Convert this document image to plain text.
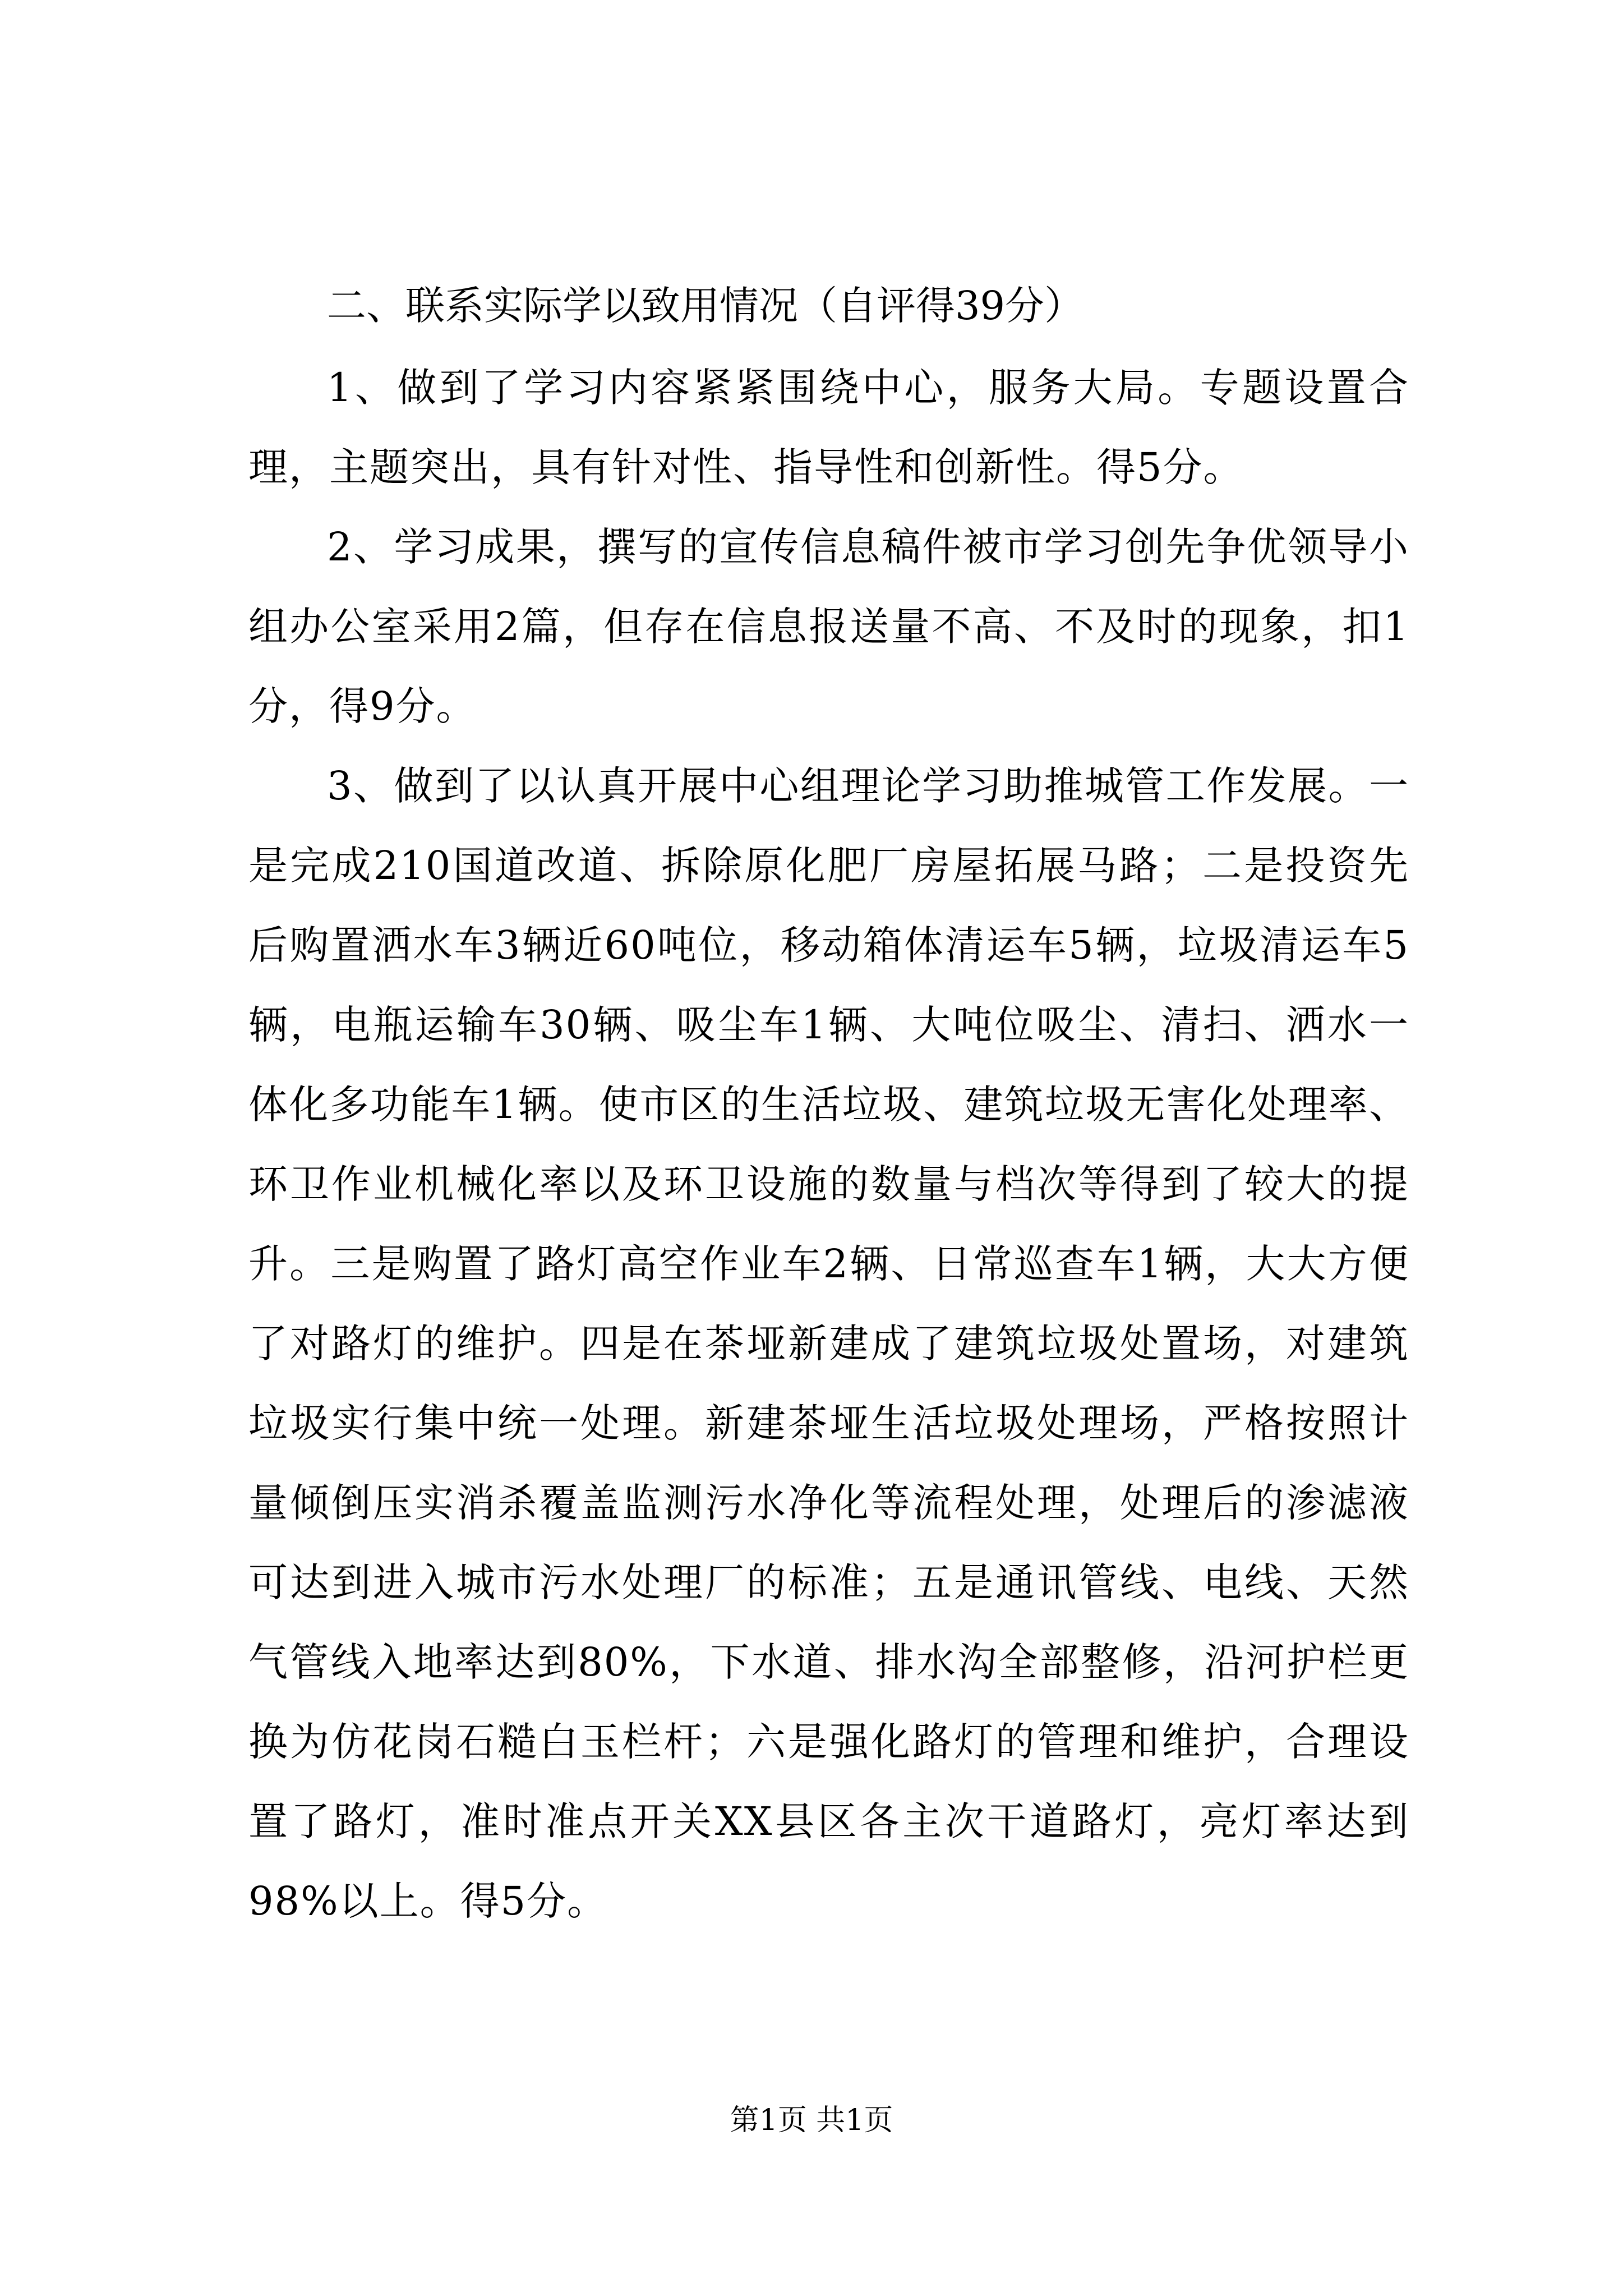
二、联系实际学以致用情况（自评得39分）

1、做到了学习内容紧紧围绕中心，服务大局。专题设置合理，主题突出，具有针对性、指导性和创新性。得5分。

2、学习成果，撰写的宣传信息稿件被市学习创先争优领导小组办公室采用2篇，但存在信息报送量不高、不及时的现象，扣1分，得9分。

3、做到了以认真开展中心组理论学习助推城管工作发展。一是完成210国道改道、拆除原化肥厂房屋拓展马路；二是投资先后购置洒水车3辆近60吨位，移动箱体清运车5辆，垃圾清运车5辆，电瓶运输车30辆、吸尘车1辆、大吨位吸尘、清扫、洒水一体化多功能车1辆。使市区的生活垃圾、建筑垃圾无害化处理率、环卫作业机械化率以及环卫设施的数量与档次等得到了较大的提升。三是购置了路灯高空作业车2辆、日常巡查车1辆，大大方便了对路灯的维护。四是在茶垭新建成了建筑垃圾处置场，对建筑垃圾实行集中统一处理。新建茶垭生活垃圾处理场，严格按照计量倾倒压实消杀覆盖监测污水净化等流程处理，处理后的渗滤液可达到进入城市污水处理厂的标准；五是通讯管线、电线、天然气管线入地率达到80%，下水道、排水沟全部整修，沿河护栏更换为仿花岗石糙白玉栏杆；六是强化路灯的管理和维护，合理设置了路灯，准时准点开关XX县区各主次干道路灯，亮灯率达到98%以上。得5分。

第1页 共1页
